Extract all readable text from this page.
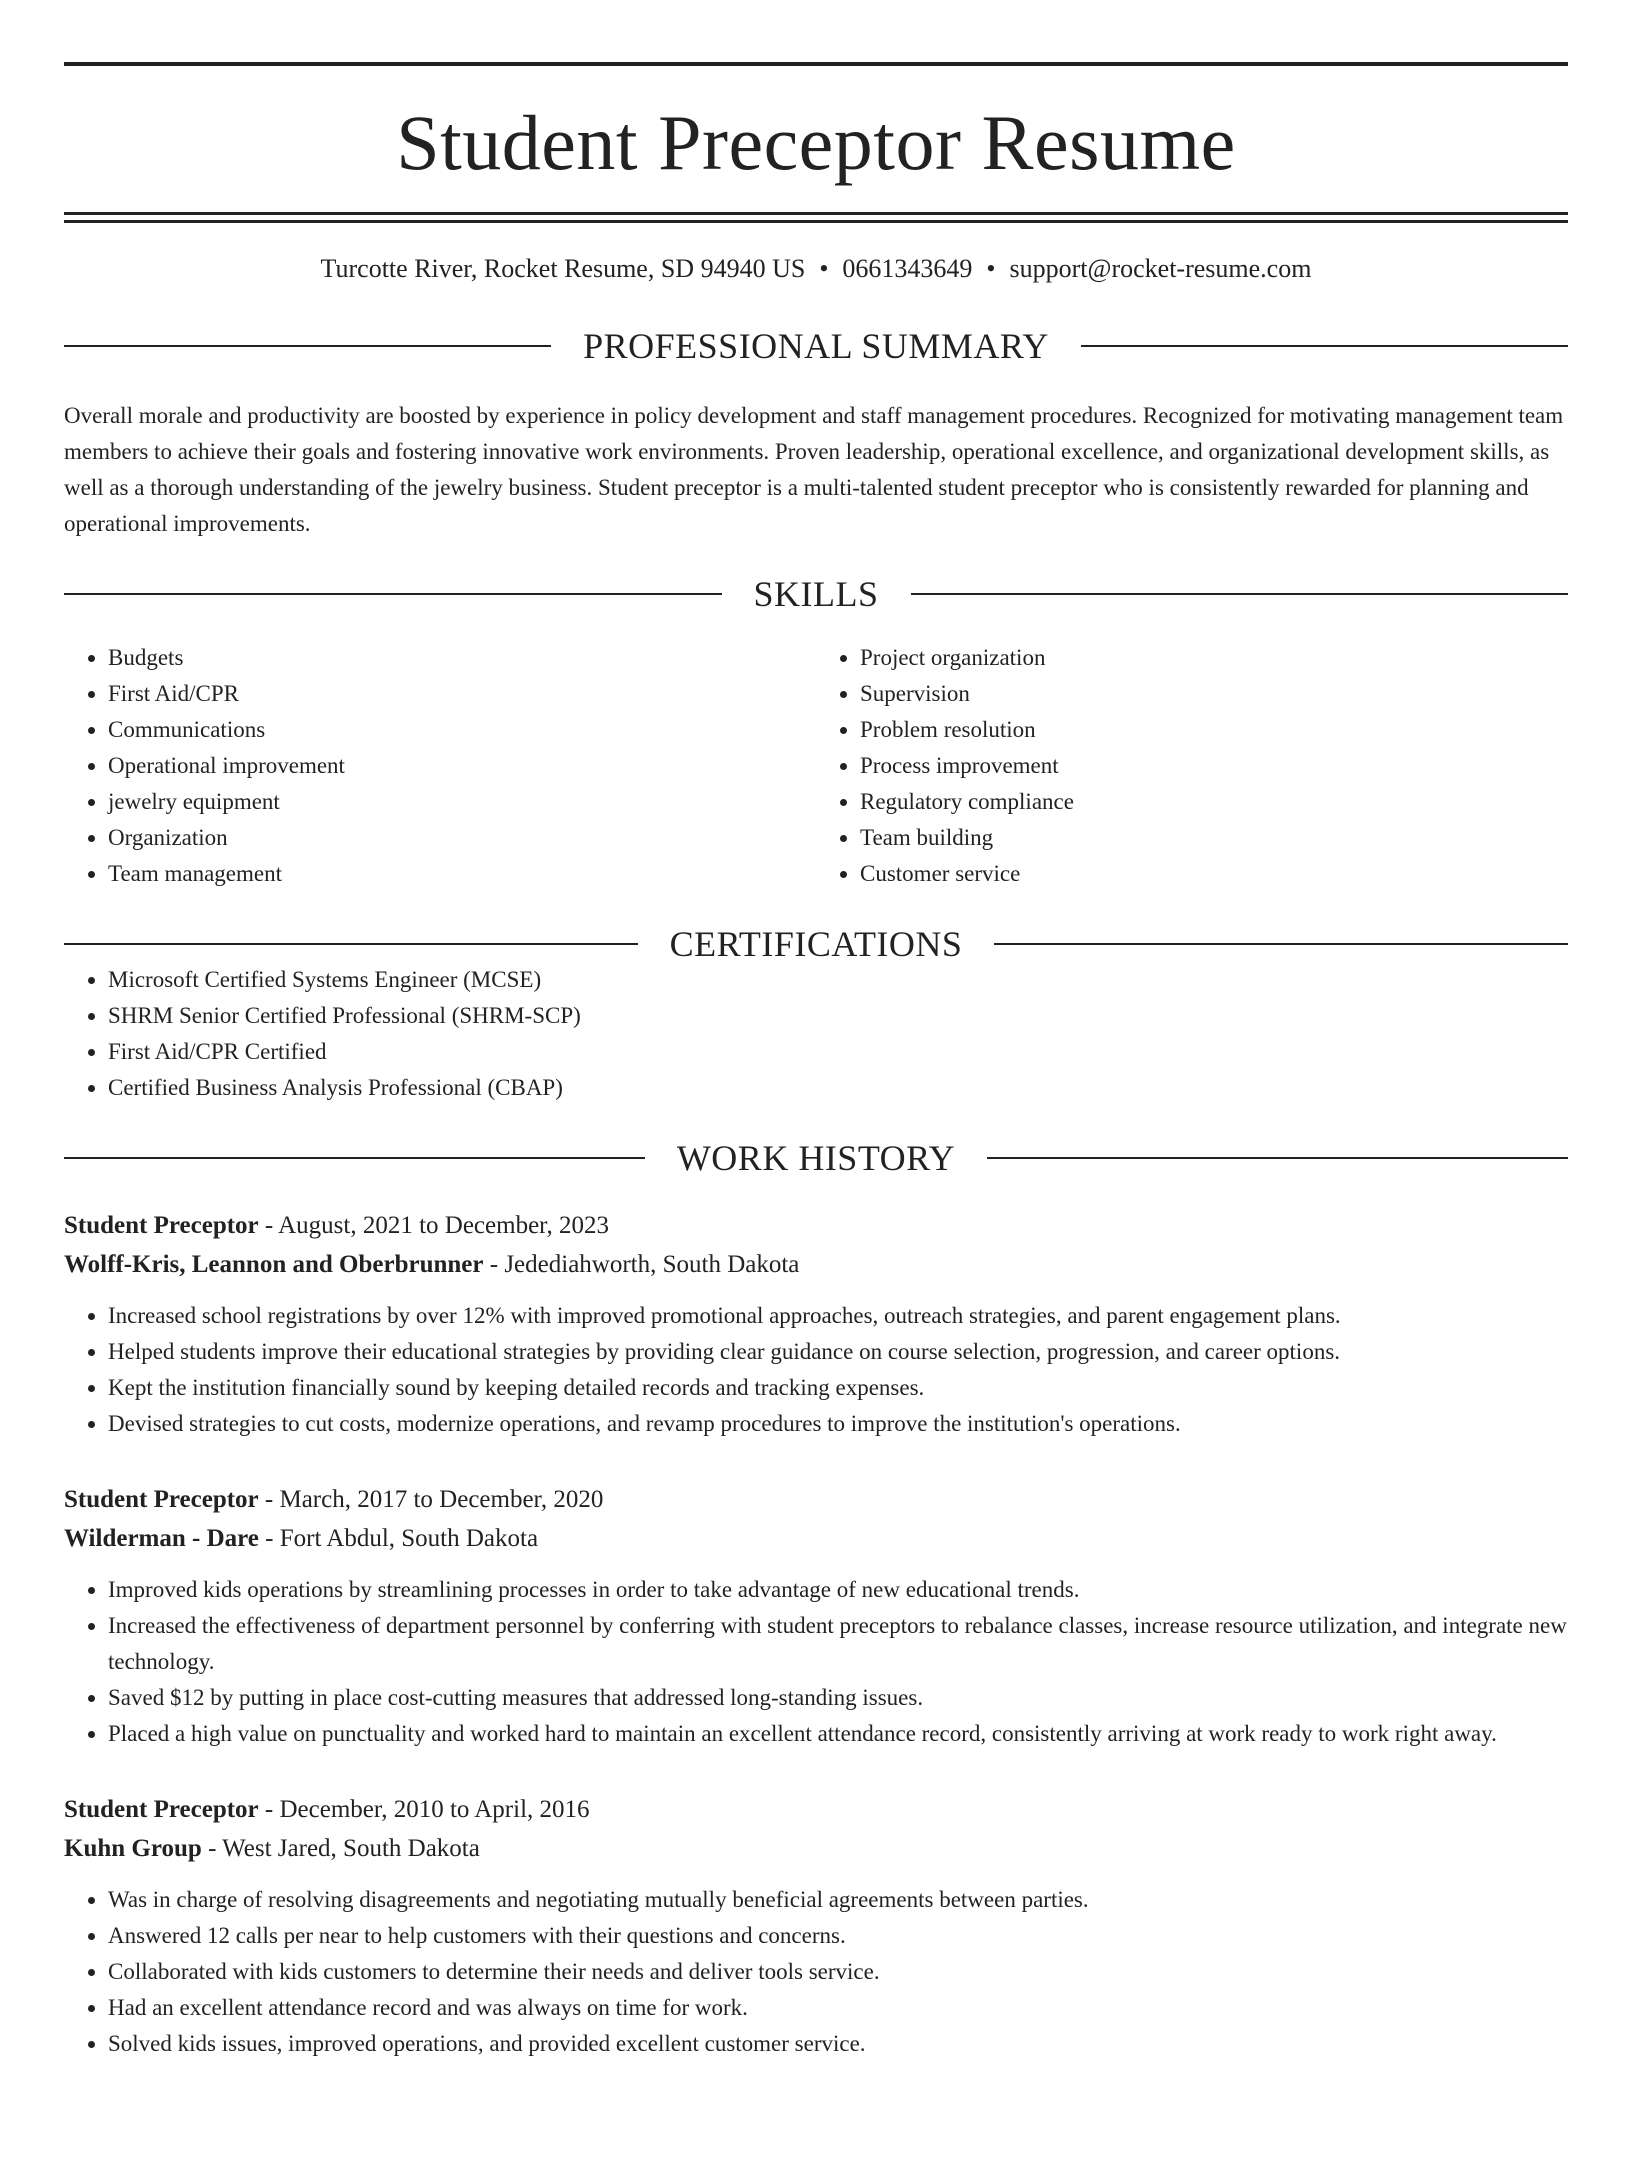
Student Preceptor Resume
Turcotte River, Rocket Resume, SD 94940 US • 0661343649 • support@rocket-resume.com
PROFESSIONAL SUMMARY

Overall morale and productivity are boosted by experience in policy development and staff management procedures. Recognized for motivating management team members to achieve their goals and fostering innovative work environments. Proven leadership, operational excellence, and organizational development skills, as well as a thorough understanding of the jewelry business. Student preceptor is a multi-talented student preceptor who is consistently rewarded for planning and operational improvements.

SKILLS
• Budgets
• First Aid/CPR
• Communications
• Operational improvement
• jewelry equipment
• Organization
• Team management
• Project organization
• Supervision
• Problem resolution
• Process improvement
• Regulatory compliance
• Team building
• Customer service
CERTIFICATIONS
• Microsoft Certified Systems Engineer (MCSE)
• SHRM Senior Certified Professional (SHRM-SCP)
• First Aid/CPR Certified
• Certified Business Analysis Professional (CBAP)
WORK HISTORY
Student Preceptor - August, 2021 to December, 2023
Wolff-Kris, Leannon and Oberbrunner - Jedediahworth, South Dakota
• Increased school registrations by over 12% with improved promotional approaches, outreach strategies, and parent engagement plans.
• Helped students improve their educational strategies by providing clear guidance on course selection, progression, and career options.
• Kept the institution financially sound by keeping detailed records and tracking expenses.
• Devised strategies to cut costs, modernize operations, and revamp procedures to improve the institution's operations.
Student Preceptor - March, 2017 to December, 2020
Wilderman - Dare - Fort Abdul, South Dakota
• Improved kids operations by streamlining processes in order to take advantage of new educational trends.
• Increased the effectiveness of department personnel by conferring with student preceptors to rebalance classes, increase resource utilization, and integrate new technology.
• Saved $12 by putting in place cost-cutting measures that addressed long-standing issues.
• Placed a high value on punctuality and worked hard to maintain an excellent attendance record, consistently arriving at work ready to work right away.
Student Preceptor - December, 2010 to April, 2016
Kuhn Group - West Jared, South Dakota
• Was in charge of resolving disagreements and negotiating mutually beneficial agreements between parties.
• Answered 12 calls per near to help customers with their questions and concerns.
• Collaborated with kids customers to determine their needs and deliver tools service.
• Had an excellent attendance record and was always on time for work.
• Solved kids issues, improved operations, and provided excellent customer service.
